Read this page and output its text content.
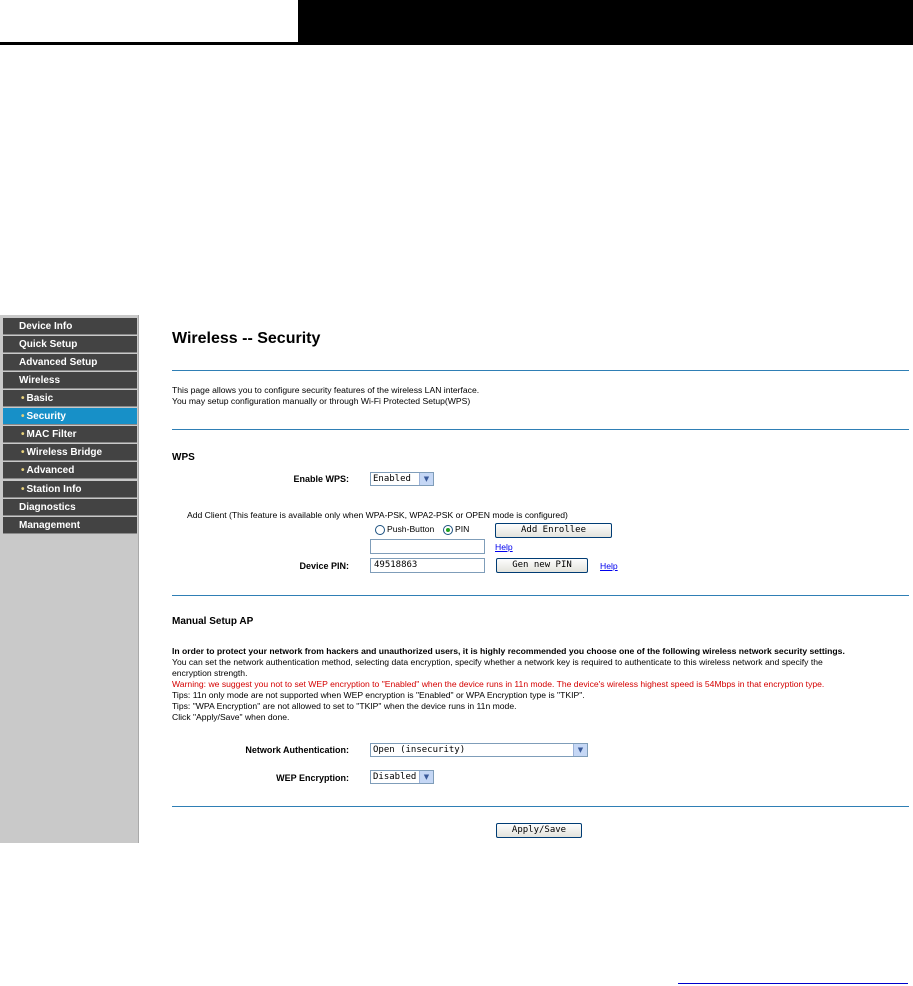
Device Info
Quick Setup
Advanced Setup
Wireless
• Basic
• Security
• MAC Filter
• Wireless Bridge
• Advanced
• Station Info
Diagnostics
Management
Wireless -- Security
This page allows you to configure security features of the wireless LAN interface.
You may setup configuration manually or through Wi-Fi Protected Setup(WPS)
WPS
Enable WPS:	Enabled	▼
Add Client (This feature is available only when WPA-PSK, WPA2-PSK or OPEN mode is configured)
Push-Button PIN	Add Enrollee
Help
Device PIN:	49518863	Gen new PIN	Help
Manual Setup AP
In order to protect your network from hackers and unauthorized users, it is highly recommended you choose one of the following wireless network security settings.
You can set the network authentication method, selecting data encryption, specify whether a network key is required to authenticate to this wireless network and specify the
encryption strength.
Warning: we suggest you not to set WEP encryption to "Enabled" when the device runs in 11n mode. The device's wireless highest speed is 54Mbps in that encryption type.
Tips: 11n only mode are not supported when WEP encryption is "Enabled" or WPA Encryption type is "TKIP".
Tips: "WPA Encryption" are not allowed to set to "TKIP" when the device runs in 11n mode.
Click "Apply/Save" when done.
Network Authentication:	Open (insecurity)	▼
WEP Encryption:	Disabled	▼
Apply/Save
